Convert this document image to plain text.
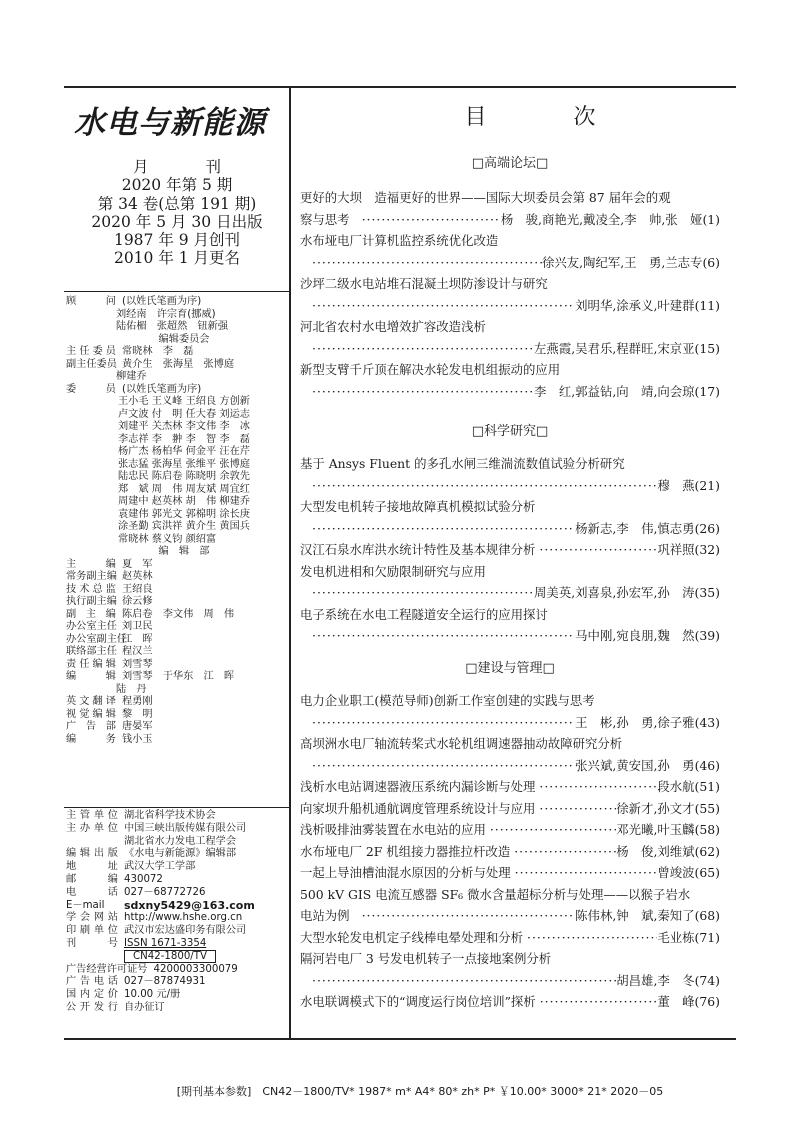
水电与新能源
月 刊
2020 年第 5 期
第 34 卷(总第 191 期)
2020 年 5 月 30 日出版
1987 年 9 月创刊
2010 年 1 月更名
顾　　问 (以姓氏笔画为序)
刘经南　许宗育(挪威)
陆佑楣　张超然　钮新强
编辑委员会
主任委员 常晓林　李　磊
副主任委员 黄介生　张海星　张博庭
柳建乔
委　　员 (以姓氏笔画为序)
王小毛 王义峰 王绍良 方创新
卢文波 付　明 任大春 刘运志
刘建平 关杰林 李文伟 李　冰
李志祥 李　翀 李　智 李　磊
杨广杰 杨柏华 何金平 汪在芹
张志猛 张海星 张维平 张博庭
陆忠民 陈启卷 陈晓明 余敦先
郑　斌 周　伟 周友斌 周宜红
周建中 赵英林 胡　伟 柳建乔
袁建伟 郭光文 郭棉明 涂长庚
涂圣勤 宾洪祥 黄介生 黄国兵
常晓林 蔡义钧 颜绍富
编　辑　部
主　　编 夏　军
常务副主编 赵英林
技术总监 王绍良
执行副主编 徐云修
副 主 编 陈启卷　李文伟　周　伟
办公室主任 刘卫民
办公室副主任
江　晖
联络部主任 程汉兰
责任编辑 刘雪琴
编　　辑 刘雪琴　于华东　江　晖
陆　丹
英文翻译 程勇刚
视觉编辑 黎　明
广 告 部 唐晏军
编　　务 钱小玉
主管单位 湖北省科学技术协会
主办单位 中国三峡出版传媒有限公司
湖北省水力发电工程学会
编辑出版 《水电与新能源》编辑部
地　　址 武汉大学工学部
邮　　编 430072
电　　话 027－68772726
E－mail	sdxny5429@163.com
学会网站 http://www.hshe.org.cn
印刷单位 武汉市宏达盛印务有限公司
刊　　号 ISSN 1671-3354
CN42-1800/TV
广告经营许可证号 4200003300079
广告电话 027－87874931
国内定价 10.00 元/册
公开发行 自办征订
目 次
□高端论坛□
更好的大坝　造福更好的世界——国际大坝委员会第 87 届年会的观
察与思考 ·····	杨　骏,商艳光,戴凌全,李　帅,张　娅(1)
水布垭电厂计算机监控系统优化改造
·····
徐兴友,陶纪军,王　勇,兰志专(6)
沙坪二级水电站堆石混凝土坝防渗设计与研究
·····
刘明华,涂承义,叶建群(11)
河北省农村水电增效扩容改造浅析
·····
左燕霞,吴君乐,程群旺,宋京亚(15)
新型支臂千斤顶在解决水轮发电机组振动的应用
·····
李　红,郭益钻,向　靖,向会琼(17)
□科学研究□
基于 Ansys Fluent 的多孔水闸三维湍流数值试验分析研究
·····
穆　燕(21)
大型发电机转子接地故障真机模拟试验分析
·····
杨新志,李　伟,慎志勇(26)
汉江石泉水库洪水统计特性及基本规律分析 ·····	巩祥照(32)
发电机进相和欠励限制研究与应用
·····
周美英,刘喜泉,孙宏军,孙　涛(35)
电子系统在水电工程隧道安全运行的应用探讨
·····
马中刚,宛良朋,魏　然(39)
□建设与管理□
电力企业职工(模范导师)创新工作室创建的实践与思考
·····
王　彬,孙　勇,徐子雅(43)
高坝洲水电厂轴流转桨式水轮机组调速器抽动故障研究分析
·····
张兴斌,黄安国,孙　勇(46)
浅析水电站调速器液压系统内漏诊断与处理 ·····	段水航(51)
向家坝升船机通航调度管理系统设计与应用 ·····	徐新才,孙文才(55)
浅析吸排油雾装置在水电站的应用 ·····	邓光曦,叶玉麟(58)
水布垭电厂 2F 机组接力器推拉杆改造 ·····	杨　俊,刘维斌(62)
一起上导油槽油混水原因的分析与处理 ·····	曾竣波(65)
500 kV GIS 电流互感器 SF₆ 微水含量超标分析与处理——以猴子岩水
电站为例 ·····	陈伟林,钟　斌,秦知了(68)
大型水轮发电机定子线棒电晕处理和分析 ·····	毛业栋(71)
隔河岩电厂 3 号发电机转子一点接地案例分析
·····
胡昌雄,李　冬(74)
水电联调模式下的“调度运行岗位培训”探析 ·····	董　峰(76)
[期刊基本参数]　CN42－1800/TV* 1987* m* A4* 80* zh* P* ￥10.00* 3000* 21* 2020－05
